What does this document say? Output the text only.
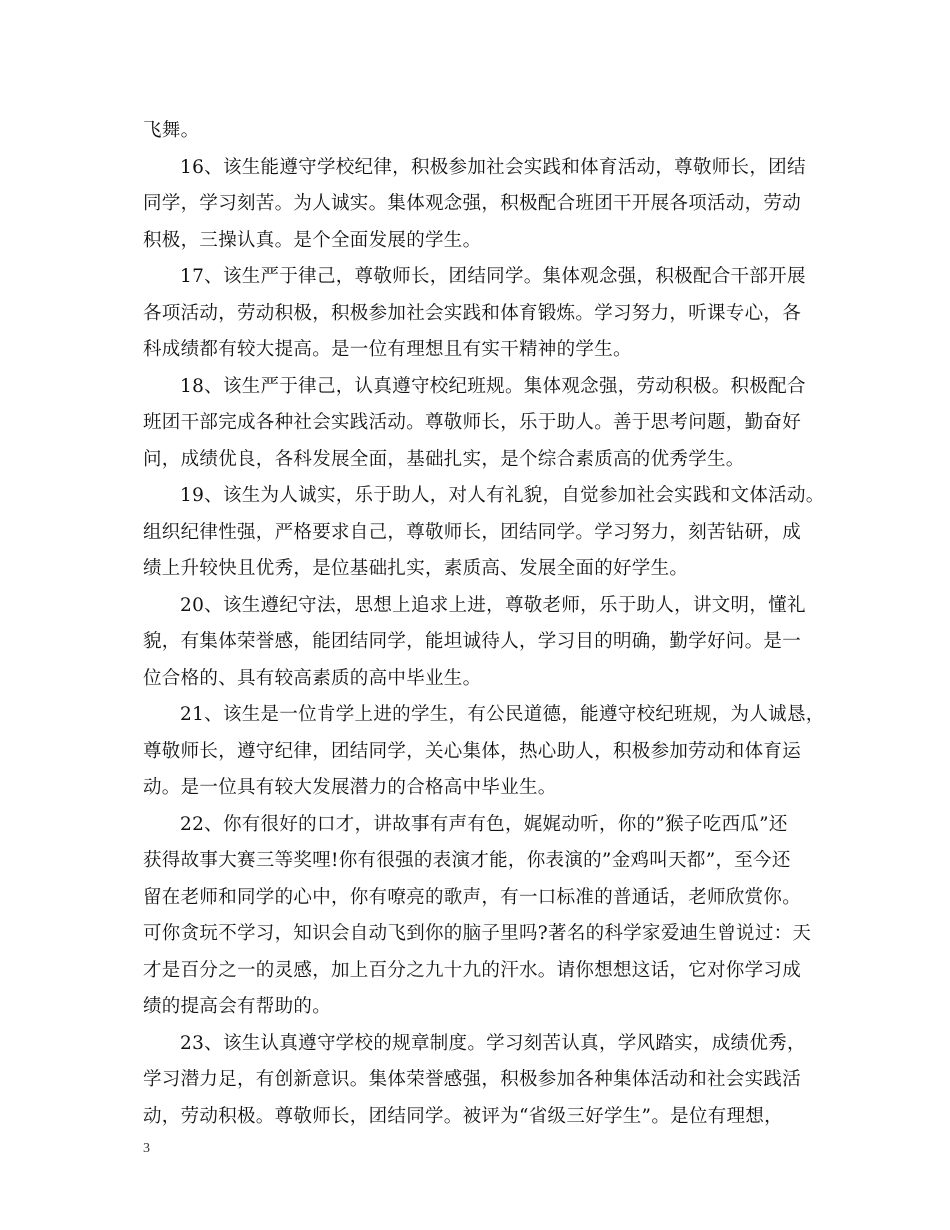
飞舞。
16、该生能遵守学校纪律，积极参加社会实践和体育活动，尊敬师长，团结
同学，学习刻苦。为人诚实。集体观念强，积极配合班团干开展各项活动，劳动
积极，三操认真。是个全面发展的学生。
17、该生严于律己，尊敬师长，团结同学。集体观念强，积极配合干部开展
各项活动，劳动积极，积极参加社会实践和体育锻炼。学习努力，听课专心，各
科成绩都有较大提高。是一位有理想且有实干精神的学生。
18、该生严于律己，认真遵守校纪班规。集体观念强，劳动积极。积极配合
班团干部完成各种社会实践活动。尊敬师长，乐于助人。善于思考问题，勤奋好
问，成绩优良，各科发展全面，基础扎实，是个综合素质高的优秀学生。
19、该生为人诚实，乐于助人，对人有礼貌，自觉参加社会实践和文体活动。
组织纪律性强，严格要求自己，尊敬师长，团结同学。学习努力，刻苦钻研，成
绩上升较快且优秀，是位基础扎实，素质高、发展全面的好学生。
20、该生遵纪守法，思想上追求上进，尊敬老师，乐于助人，讲文明，懂礼
貌，有集体荣誉感，能团结同学，能坦诚待人，学习目的明确，勤学好问。是一
位合格的、具有较高素质的高中毕业生。
21、该生是一位肯学上进的学生，有公民道德，能遵守校纪班规，为人诚恳，
尊敬师长，遵守纪律，团结同学，关心集体，热心助人，积极参加劳动和体育运
动。是一位具有较大发展潜力的合格高中毕业生。
22、你有很好的口才，讲故事有声有色，娓娓动听，你的”猴子吃西瓜”还
获得故事大赛三等奖哩!你有很强的表演才能，你表演的”金鸡叫天都”，至今还
留在老师和同学的心中，你有嘹亮的歌声，有一口标准的普通话，老师欣赏你。
可你贪玩不学习，知识会自动飞到你的脑子里吗?著名的科学家爱迪生曾说过：天
才是百分之一的灵感，加上百分之九十九的汗水。请你想想这话，它对你学习成
绩的提高会有帮助的。
23、该生认真遵守学校的规章制度。学习刻苦认真，学风踏实，成绩优秀，
学习潜力足，有创新意识。集体荣誉感强，积极参加各种集体活动和社会实践活
动，劳动积极。尊敬师长，团结同学。被评为“省级三好学生”。是位有理想，
3
